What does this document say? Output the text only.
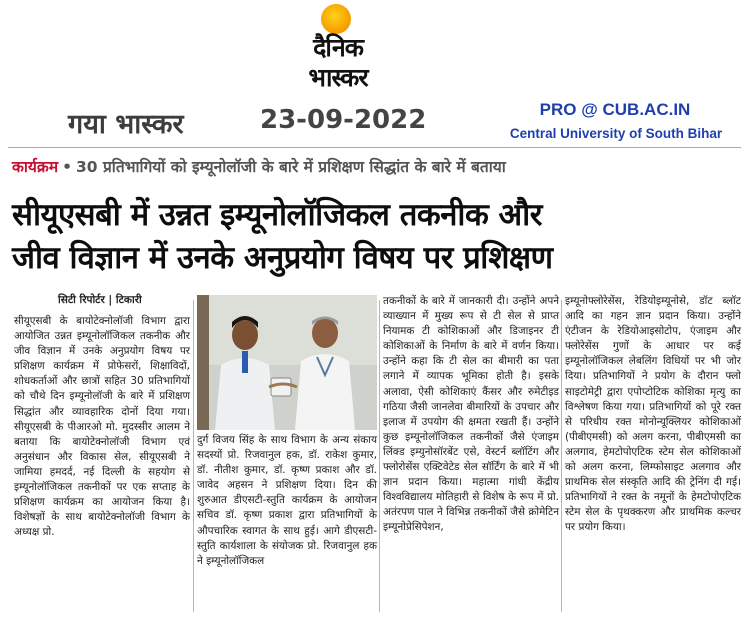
दैनिक
भास्कर
गया भास्कर	23-09-2022	PRO @ CUB.AC.IN
Central University of South Bihar
कार्यक्रम • 30 प्रतिभागियों को इम्यूनोलॉजी के बारे में प्रशिक्षण सिद्धांत के बारे में बताया
सीयूएसबी में उन्नत इम्यूनोलॉजिकल तकनीक और
जीव विज्ञान में उनके अनुप्रयोग विषय पर प्रशिक्षण
सिटी रिपोर्टर | टिकारी

सीयूएसबी के बायोटेक्नोलॉजी विभाग द्वारा आयोजित उन्नत इम्यूनोलॉजिकल तकनीक और जीव विज्ञान में उनके अनुप्रयोग विषय पर प्रशिक्षण कार्यक्रम में प्रोफेसरों, शिक्षाविदों, शोधकर्ताओं और छात्रों सहित 30 प्रतिभागियों को चौथे दिन इम्यूनोलॉजी के बारे में प्रशिक्षण सिद्धांत और व्यावहारिक दोनों दिया गया। सीयूएसबी के पीआरओ मो. मुदस्सीर आलम ने बताया कि बायोटेक्नोलॉजी विभाग एवं अनुसंधान और विकास सेल, सीयूएसबी ने जामिया हमदर्द, नई दिल्ली के सहयोग से इम्यूनोलॉजिकल तकनीकों पर एक सप्ताह के प्रशिक्षण कार्यक्रम का आयोजन किया है। विशेषज्ञों के साथ बायोटेक्नोलॉजी विभाग के अध्यक्ष प्रो.

दुर्ग विजय सिंह के साथ विभाग के अन्य संकाय सदस्यों प्रो. रिजवानुल हक, डॉ. राकेश कुमार, डॉ. नीतीश कुमार, डॉ. कृष्ण प्रकाश और डॉ. जावेद अहसन ने प्रशिक्षण दिया। दिन की शुरुआत डीएसटी-स्तुति कार्यक्रम के आयोजन सचिव डॉ. कृष्ण प्रकाश द्वारा प्रतिभागियों के औपचारिक स्वागत के साथ हुई। आगे डीएसटी-स्तुति कार्यशाला के संयोजक प्रो. रिजवानुल हक ने इम्यूनोलॉजिकल

तकनीकों के बारे में जानकारी दी। उन्होंने अपने व्याख्यान में मुख्य रूप से टी सेल से प्राप्त नियामक टी कोशिकाओं और डिजाइनर टी कोशिकाओं के निर्माण के बारे में वर्णन किया। उन्होंने कहा कि टी सेल का बीमारी का पता लगाने में व्यापक भूमिका होती है। इसके अलावा, ऐसी कोशिकाएं कैंसर और रुमेटीइड गठिया जैसी जानलेवा बीमारियों के उपचार और इलाज में उपयोग की क्षमता रखती हैं। उन्होंने कुछ इम्यूनोलॉजिकल तकनीकों जैसे एंजाइम लिंक्ड इम्युनोसॉरबेंट एसे, वेस्टर्न ब्लॉटिंग और फ्लोरोसेंस एक्टिवेटेड सेल सॉर्टिंग के बारे में भी ज्ञान प्रदान किया। महात्मा गांधी केंद्रीय विश्वविद्यालय मोतिहारी से विशेष के रूप में प्रो. अतंरपण पाल ने विभिन्न तकनीकों जैसे क्रोमेटिन इम्यूनोप्रेसिपेशन,

इम्यूनोफ्लोरेसेंस, रेडियोइम्यूनोसे, डॉट ब्लॉट आदि का गहन ज्ञान प्रदान किया। उन्होंने एंटीजन के रेडियोआइसोटोप, एंजाइम और फ्लोरेसेंस गुणों के आधार पर कई इम्यूनोलॉजिकल लेबलिंग विधियों पर भी जोर दिया। प्रतिभागियों ने प्रयोग के दौरान फ्लो साइटोमेट्री द्वारा एपोप्टोटिक कोशिका मृत्यु का विश्लेषण किया गया। प्रतिभागियों को पूरे रक्त से परिधीय रक्त मोनोन्यूक्लियर कोशिकाओं (पीबीएमसी) को अलग करना, पीबीएमसी का अलगाव, हेमटोपोएटिक स्टेम सेल कोशिकाओं को अलग करना, लिम्फोसाइट अलगाव और प्राथमिक सेल संस्कृति आदि की ट्रेनिंग दी गई। प्रतिभागियों ने रक्त के नमूनों के हेमटोपोएटिक स्टेम सेल के पृथक्करण और प्राथमिक कल्चर पर प्रयोग किया।
